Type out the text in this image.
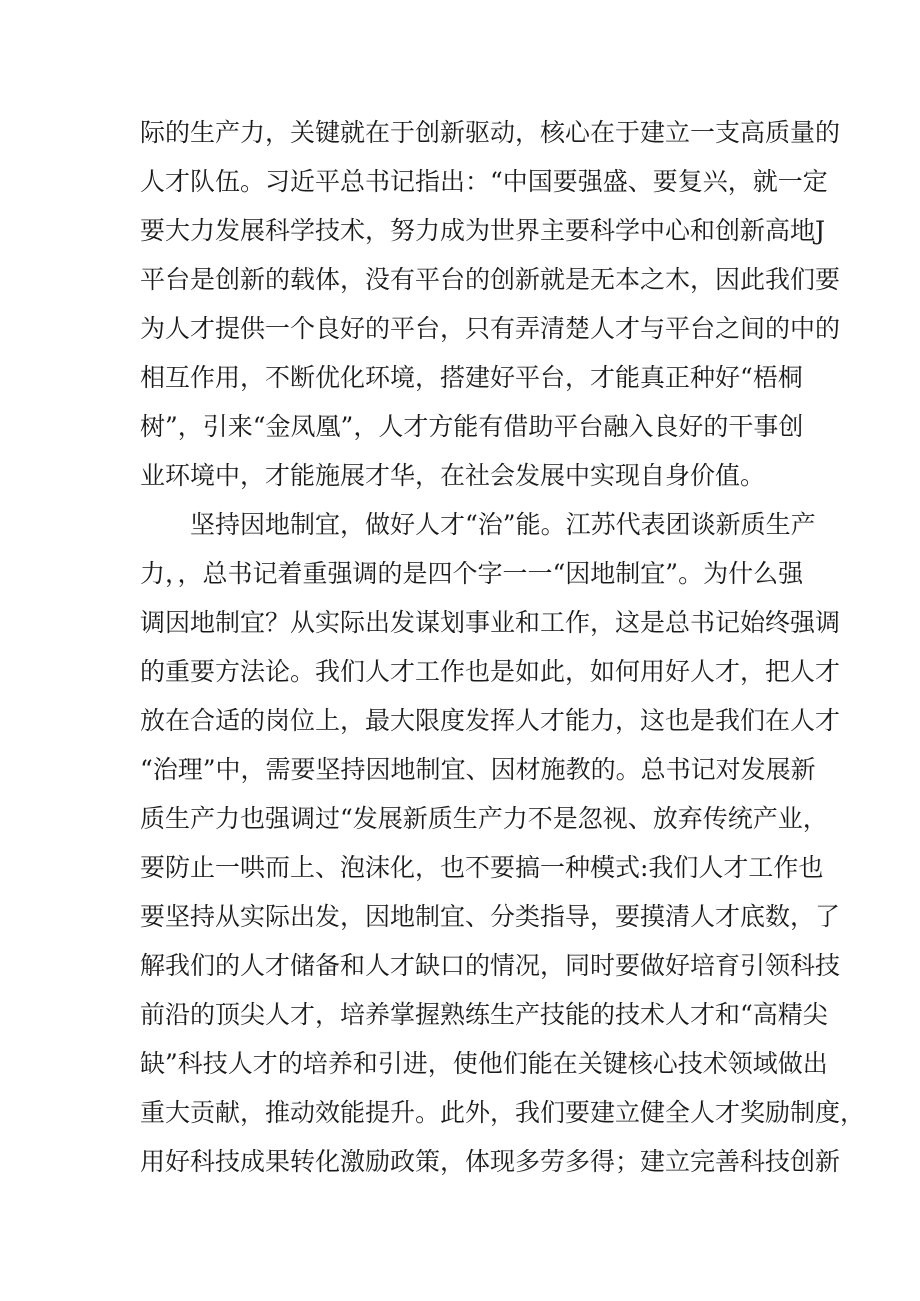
际的生产力，关键就在于创新驱动，核心在于建立一支高质量的
人才队伍。习近平总书记指出：“中国要强盛、要复兴，就一定
要大力发展科学技术，努力成为世界主要科学中心和创新高地J
平台是创新的载体，没有平台的创新就是无本之木，因此我们要
为人才提供一个良好的平台，只有弄清楚人才与平台之间的中的
相互作用，不断优化环境，搭建好平台，才能真正种好“梧桐
树”，引来“金凤凰”，人才方能有借助平台融入良好的干事创
业环境中，才能施展才华，在社会发展中实现自身价值。
坚持因地制宜，做好人才“治”能。江苏代表团谈新质生产
力，，总书记着重强调的是四个字一一“因地制宜”。为什么强
调因地制宜？从实际出发谋划事业和工作，这是总书记始终强调
的重要方法论。我们人才工作也是如此，如何用好人才，把人才
放在合适的岗位上，最大限度发挥人才能力，这也是我们在人才
“治理”中，需要坚持因地制宜、因材施教的。总书记对发展新
质生产力也强调过“发展新质生产力不是忽视、放弃传统产业，
要防止一哄而上、泡沫化，也不要搞一种模式:我们人才工作也
要坚持从实际出发，因地制宜、分类指导，要摸清人才底数，了
解我们的人才储备和人才缺口的情况，同时要做好培育引领科技
前沿的顶尖人才，培养掌握熟练生产技能的技术人才和“高精尖
缺”科技人才的培养和引进，使他们能在关键核心技术领域做出
重大贡献，推动效能提升。此外，我们要建立健全人才奖励制度，
用好科技成果转化激励政策，体现多劳多得；建立完善科技创新
